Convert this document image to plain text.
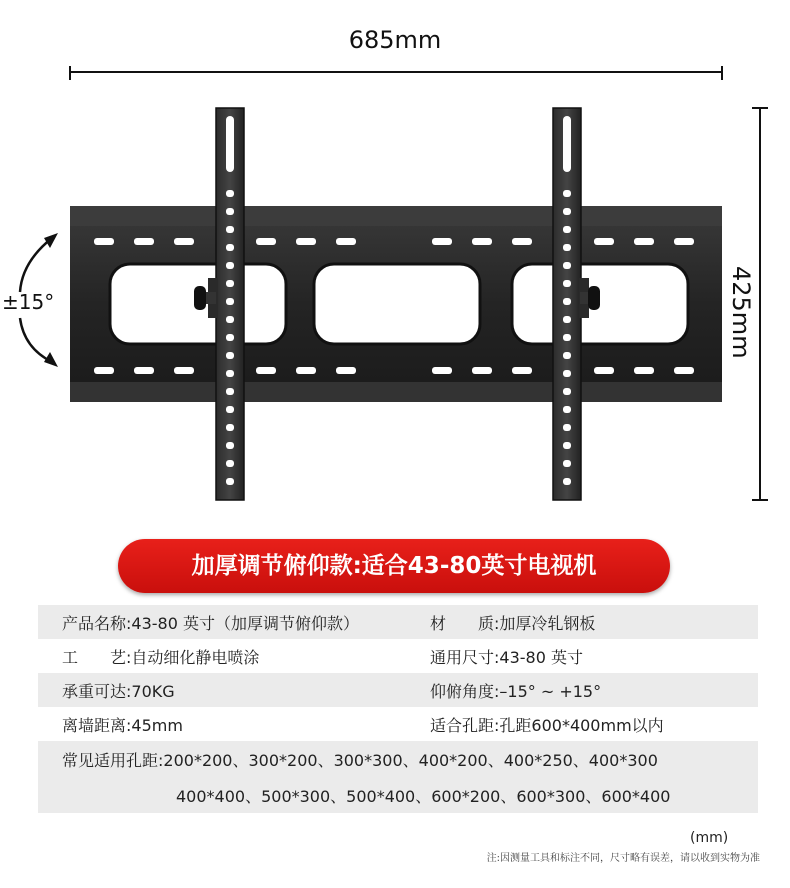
685mm
425mm
±15°
加厚调节俯仰款:适合43-80英寸电视机
产品名称:43-80 英寸（加厚调节俯仰款）	材　　质:加厚冷轧钢板
工　　艺:自动细化静电喷涂	通用尺寸:43-80 英寸
承重可达:70KG	仰俯角度:–15° ~ +15°
离墙距离:45mm	适合孔距:孔距600*400mm以内
常见适用孔距:200*200、300*200、300*300、400*200、400*250、400*300
400*400、500*300、500*400、600*200、600*300、600*400
(mm)
注:因测量工具和标注不同，尺寸略有误差，请以收到实物为准
